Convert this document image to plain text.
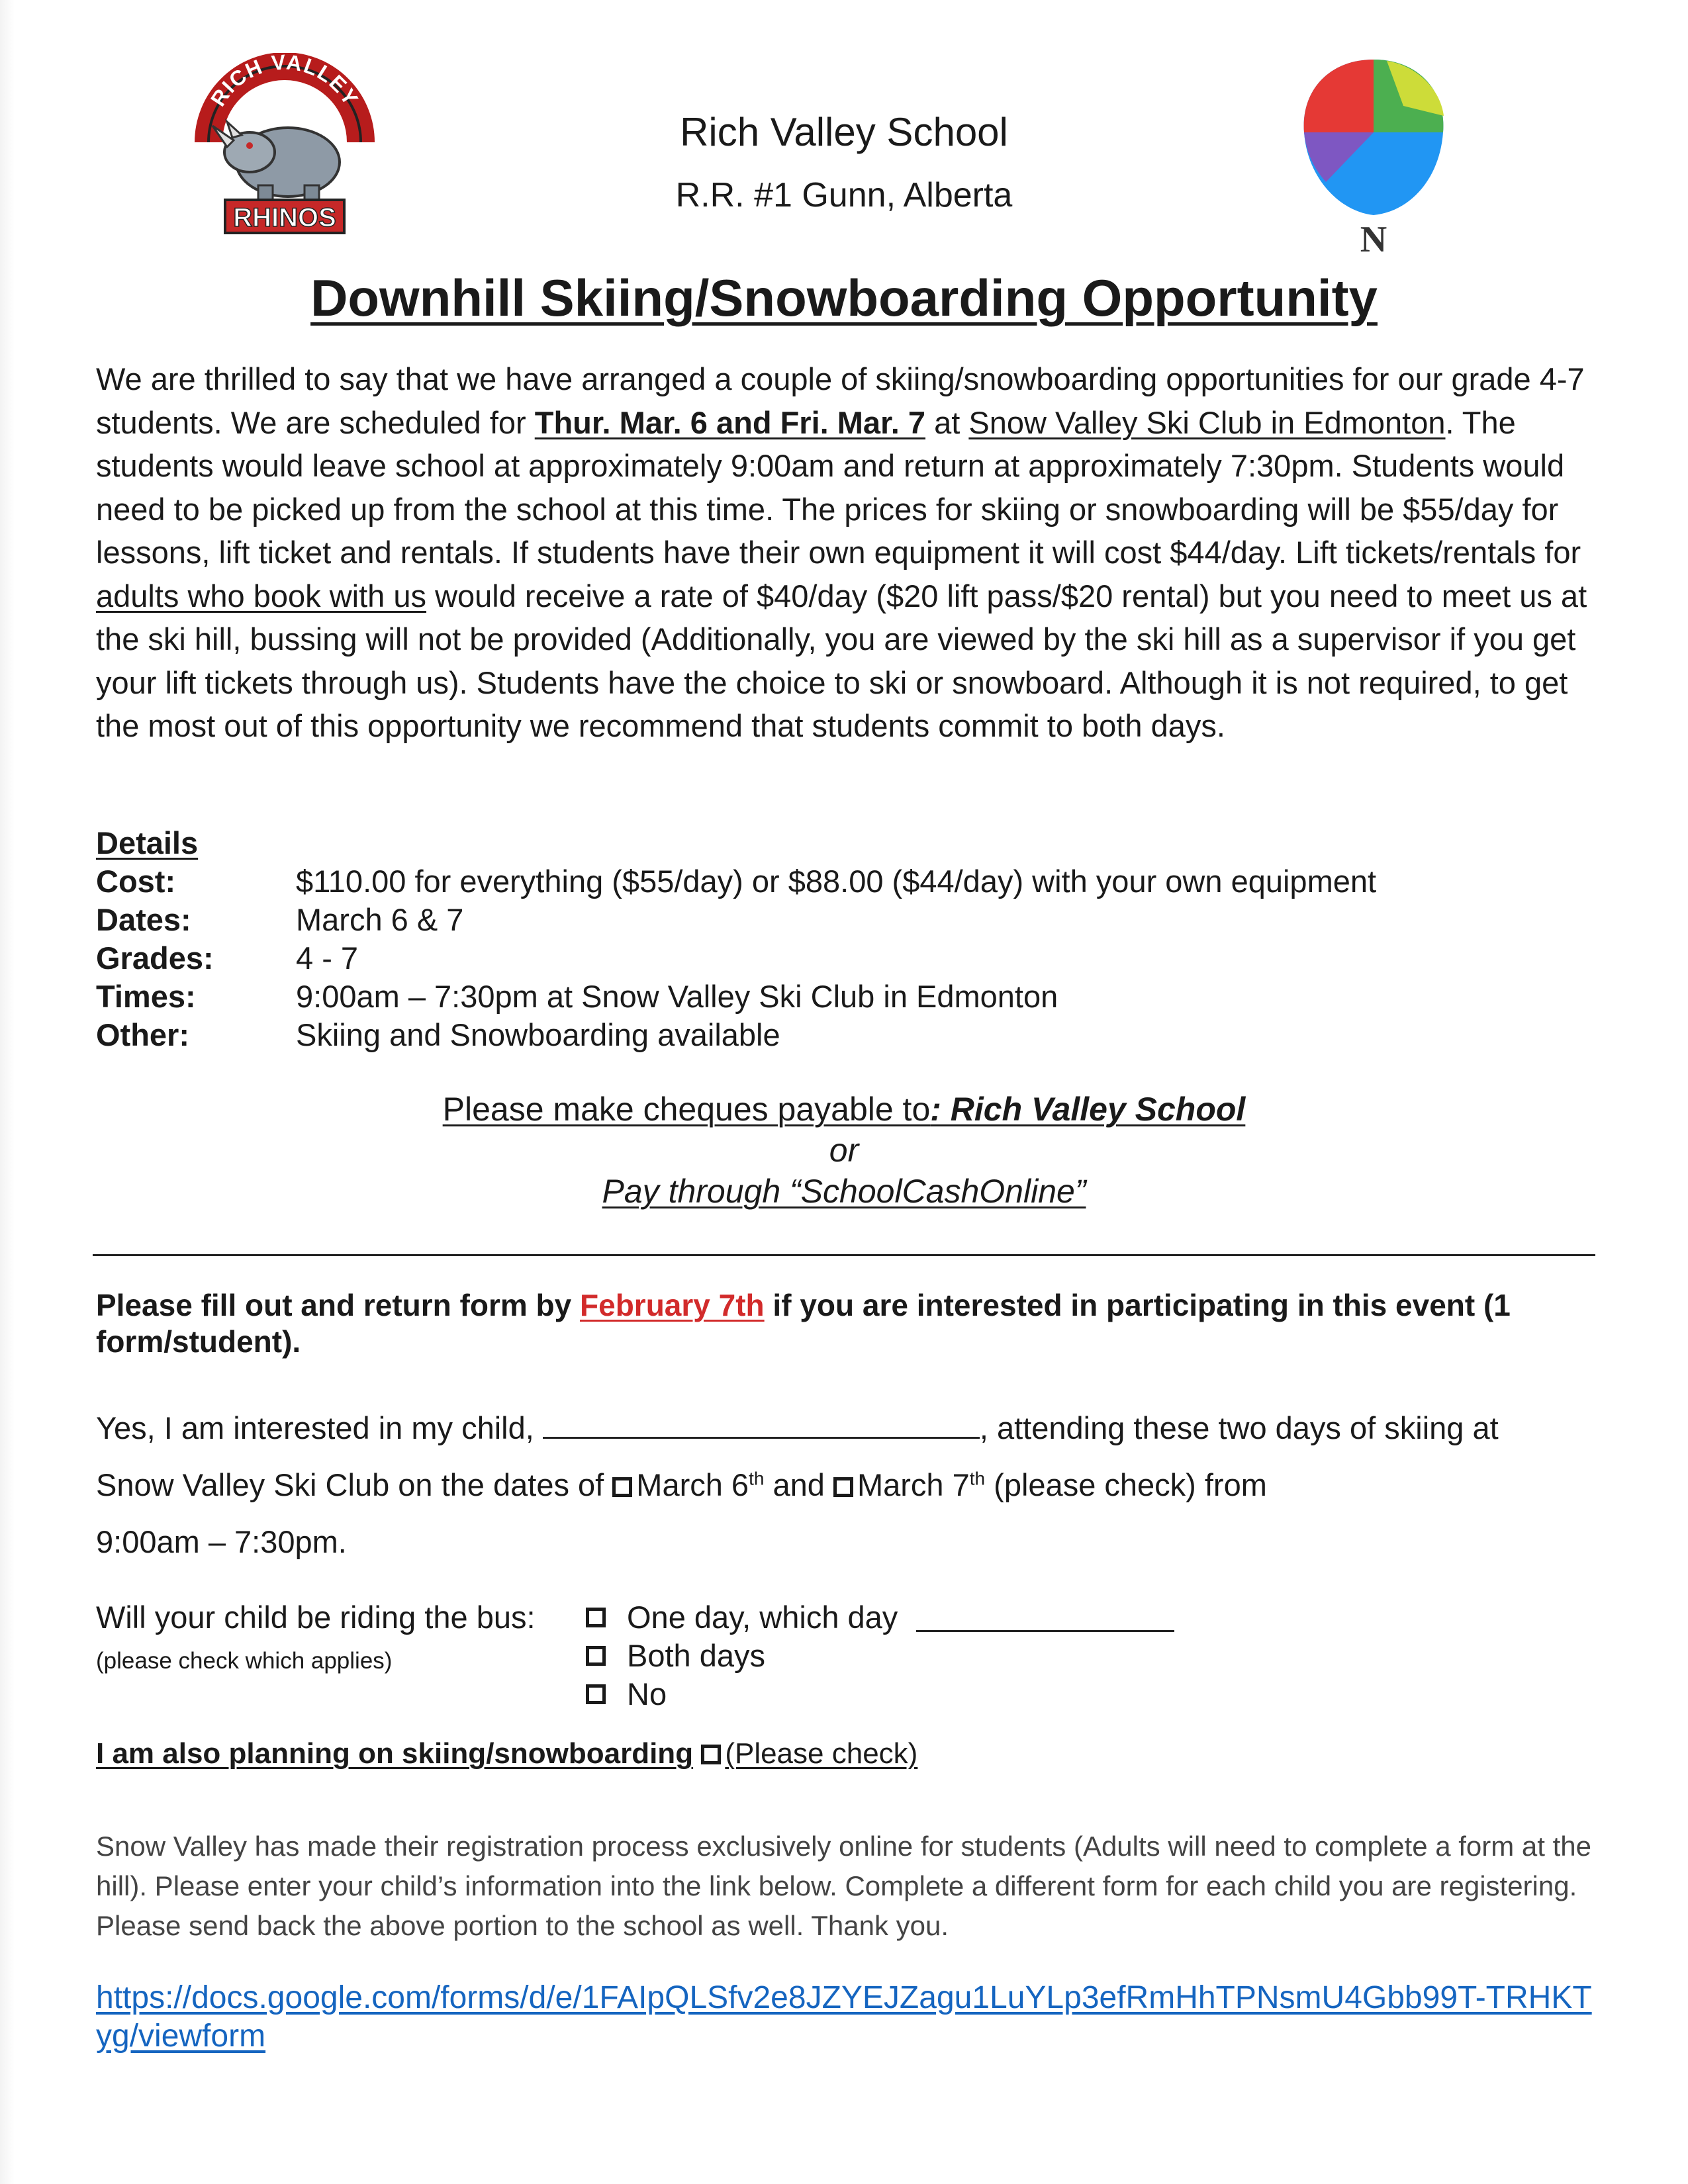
RICH VALLEY
RHINOS
N
Rich Valley School
R.R. #1 Gunn, Alberta
Downhill Skiing/Snowboarding Opportunity
We are thrilled to say that we have arranged a couple of skiing/snowboarding opportunities for our grade 4-7 students. We are scheduled for Thur. Mar. 6 and Fri. Mar. 7 at Snow Valley Ski Club in Edmonton. The students would leave school at approximately 9:00am and return at approximately 7:30pm. Students would need to be picked up from the school at this time. The prices for skiing or snowboarding will be $55/day for lessons, lift ticket and rentals. If students have their own equipment it will cost $44/day. Lift tickets/rentals for adults who book with us would receive a rate of $40/day ($20 lift pass/$20 rental) but you need to meet us at the ski hill, bussing will not be provided (Additionally, you are viewed by the ski hill as a supervisor if you get your lift tickets through us). Students have the choice to ski or snowboard. Although it is not required, to get the most out of this opportunity we recommend that students commit to both days.
Details
Cost:	$110.00 for everything ($55/day) or $88.00 ($44/day) with your own equipment
Dates:	March 6 & 7
Grades:	4 - 7
Times:	9:00am – 7:30pm at Snow Valley Ski Club in Edmonton
Other:	Skiing and Snowboarding available
Please make cheques payable to: Rich Valley School
or
Pay through “SchoolCashOnline”
Please fill out and return form by February 7th if you are interested in participating in this event (1 form/student).
Yes, I am interested in my child,	, attending these two days of skiing at
Snow Valley Ski Club on the dates of March 6th and March 7th (please check) from
9:00am – 7:30pm.
Will your child be riding the bus:
(please check which applies)
One day, which day
Both days
No
I am also planning on skiing/snowboarding (Please check)
Snow Valley has made their registration process exclusively online for students (Adults will need to complete a form at the hill). Please enter your child’s information into the link below. Complete a different form for each child you are registering. Please send back the above portion to the school as well. Thank you.
https://docs.google.com/forms/d/e/1FAIpQLSfv2e8JZYEJZagu1LuYLp3efRmHhTPNsmU4Gbb99T-TRHKTyg/viewform
